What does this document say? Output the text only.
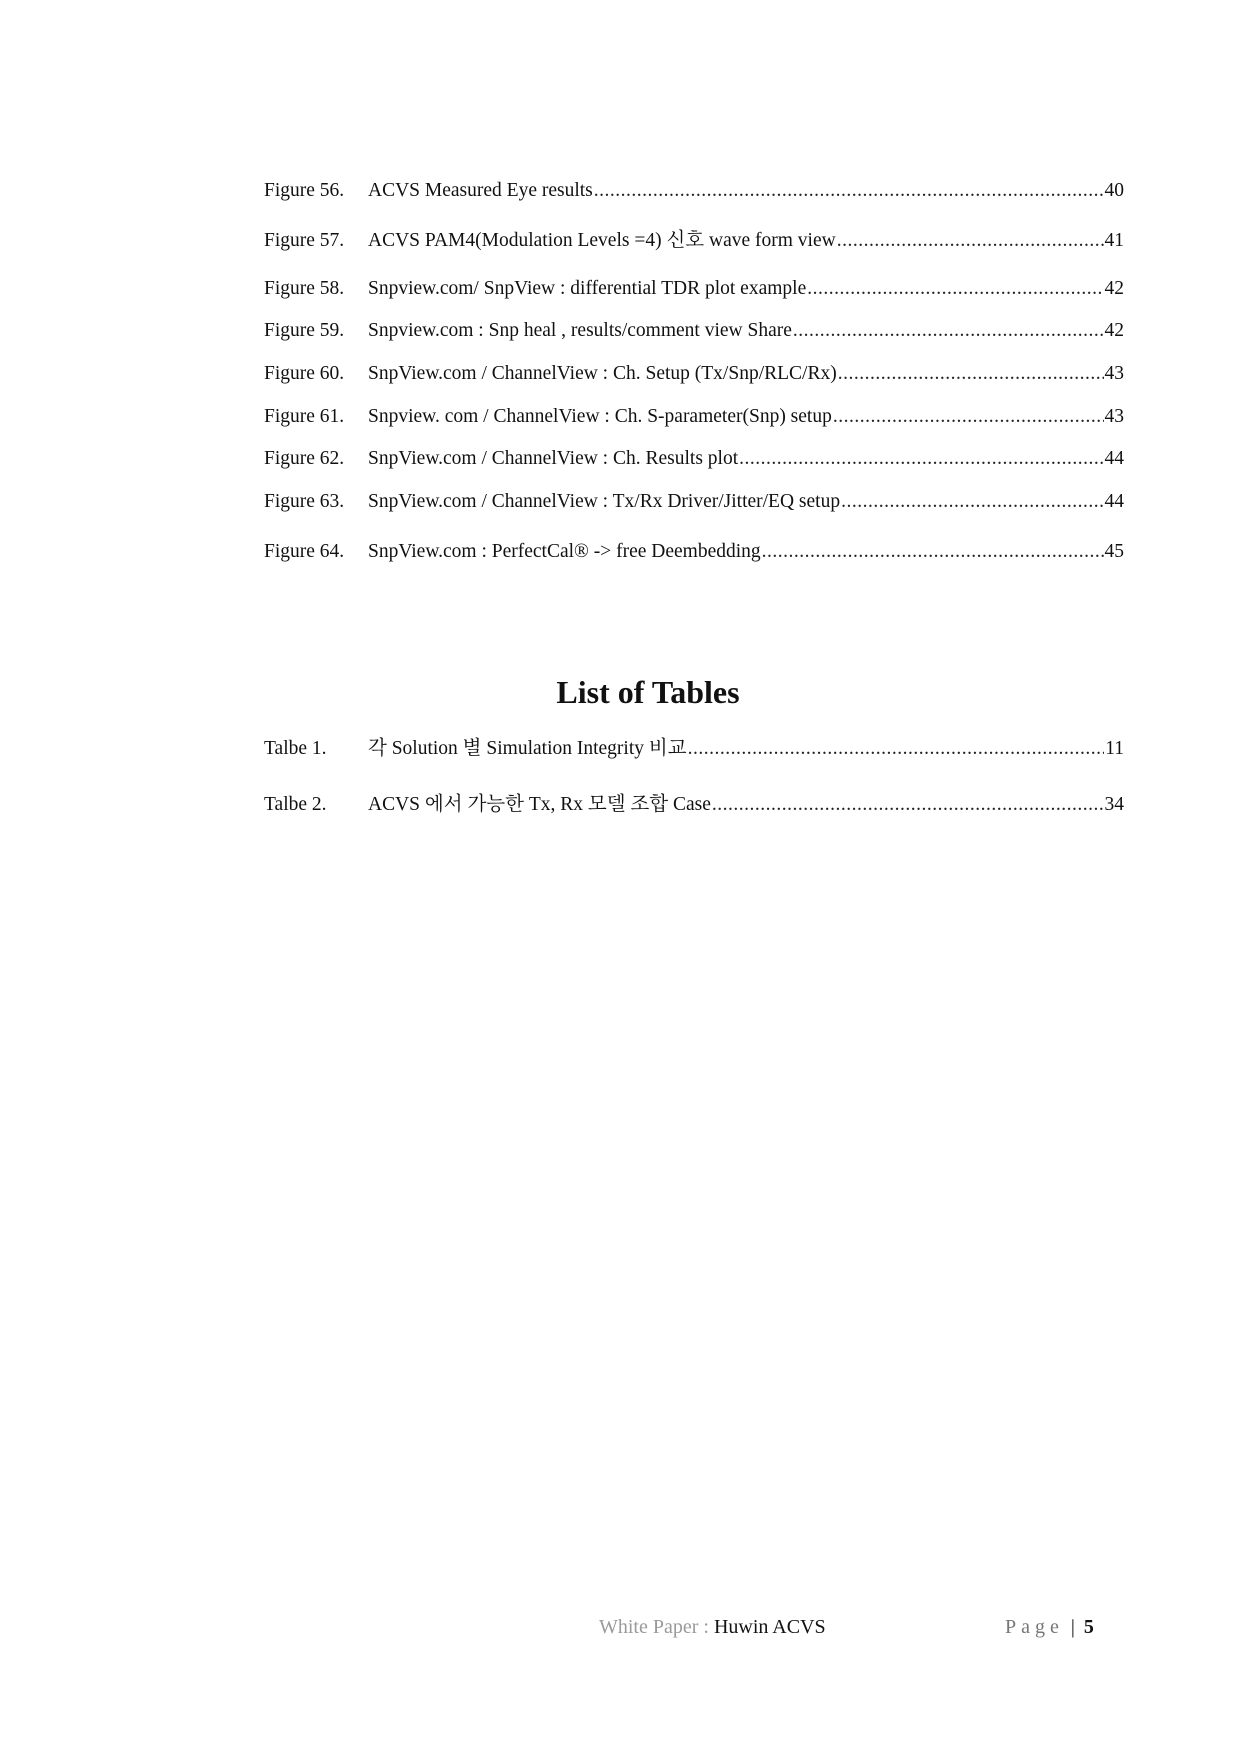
Figure 56.	ACVS Measured Eye results .....	40
Figure 57.	ACVS PAM4(Modulation Levels =4) 신호 wave form view .....	41
Figure 58.	Snpview.com/ SnpView : differential TDR plot example .....	42
Figure 59.	Snpview.com : Snp heal , results/comment view Share .....	42
Figure 60.	SnpView.com / ChannelView : Ch. Setup (Tx/Snp/RLC/Rx) .....	43
Figure 61.	Snpview. com / ChannelView : Ch. S-parameter(Snp) setup .....	43
Figure 62.	SnpView.com / ChannelView : Ch. Results plot .....	44
Figure 63.	SnpView.com / ChannelView : Tx/Rx Driver/Jitter/EQ setup .....	44
Figure 64.	SnpView.com : PerfectCal® -> free Deembedding .....	45
List of Tables
Talbe 1.	각 Solution 별 Simulation Integrity 비교 .....	11
Talbe 2.	ACVS 에서 가능한 Tx, Rx 모델 조합 Case .....	34
White Paper : Huwin ACVS	Page | 5
